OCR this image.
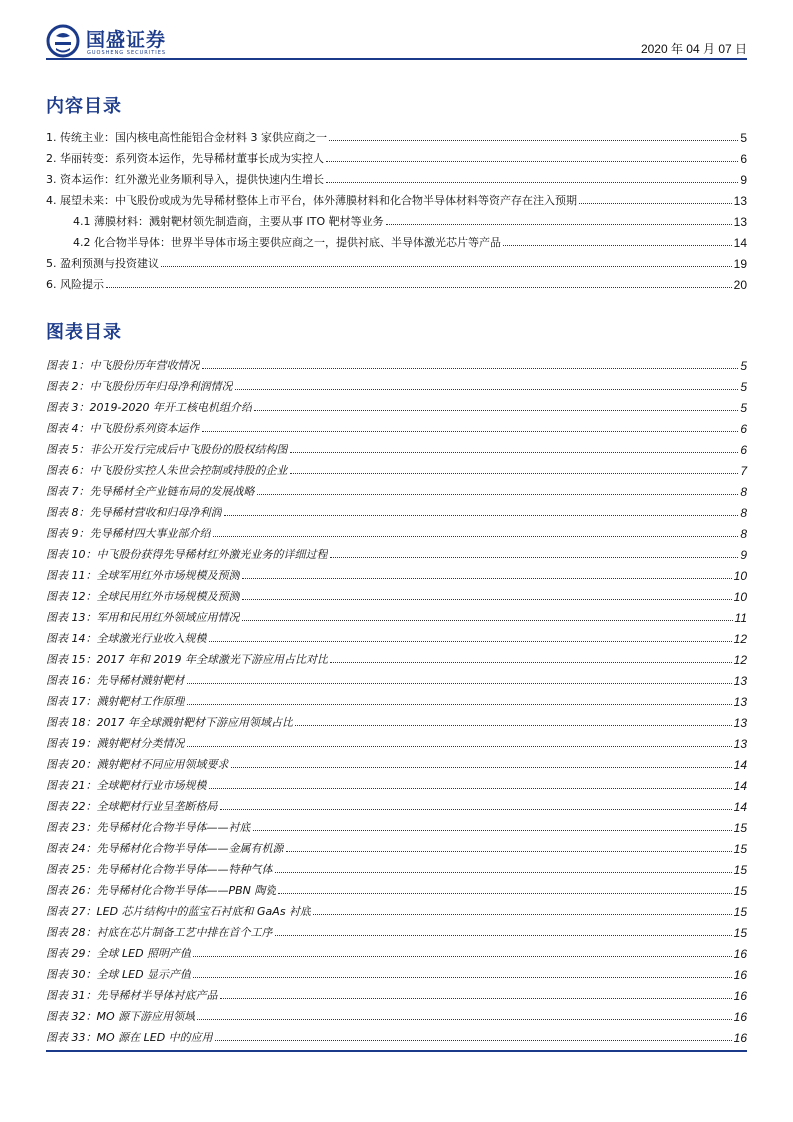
国盛证券
GUOSHENG SECURITIES	2020 年 04 月 07 日
内容目录
1. 传统主业：国内核电高性能铝合金材料 3 家供应商之一	5
2. 华丽转变：系列资本运作，先导稀材董事长成为实控人	6
3. 资本运作：红外激光业务顺利导入，提供快速内生增长	9
4. 展望未来：中飞股份或成为先导稀材整体上市平台，体外薄膜材料和化合物半导体材料等资产存在注入预期	13
4.1 薄膜材料：溅射靶材领先制造商，主要从事 ITO 靶材等业务	13
4.2 化合物半导体：世界半导体市场主要供应商之一，提供衬底、半导体激光芯片等产品	14
5. 盈利预测与投资建议	19
6. 风险提示	20
图表目录
图表 1：中飞股份历年营收情况	5
图表 2：中飞股份历年归母净利润情况	5
图表 3：2019-2020 年开工核电机组介绍	5
图表 4：中飞股份系列资本运作	6
图表 5：非公开发行完成后中飞股份的股权结构图	6
图表 6：中飞股份实控人朱世会控制或持股的企业	7
图表 7：先导稀材全产业链布局的发展战略	8
图表 8：先导稀材营收和归母净利润	8
图表 9：先导稀材四大事业部介绍	8
图表 10：中飞股份获得先导稀材红外激光业务的详细过程	9
图表 11：全球军用红外市场规模及预测	10
图表 12：全球民用红外市场规模及预测	10
图表 13：军用和民用红外领域应用情况	11
图表 14：全球激光行业收入规模	12
图表 15：2017 年和 2019 年全球激光下游应用占比对比	12
图表 16：先导稀材溅射靶材	13
图表 17：溅射靶材工作原理	13
图表 18：2017 年全球溅射靶材下游应用领域占比	13
图表 19：溅射靶材分类情况	13
图表 20：溅射靶材不同应用领域要求	14
图表 21：全球靶材行业市场规模	14
图表 22：全球靶材行业呈垄断格局	14
图表 23：先导稀材化合物半导体——衬底	15
图表 24：先导稀材化合物半导体——金属有机源	15
图表 25：先导稀材化合物半导体——特种气体	15
图表 26：先导稀材化合物半导体——PBN 陶瓷	15
图表 27：LED 芯片结构中的蓝宝石衬底和 GaAs 衬底	15
图表 28：衬底在芯片制备工艺中排在首个工序	15
图表 29：全球 LED 照明产值	16
图表 30：全球 LED 显示产值	16
图表 31：先导稀材半导体衬底产品	16
图表 32：MO 源下游应用领域	16
图表 33：MO 源在 LED 中的应用	16
